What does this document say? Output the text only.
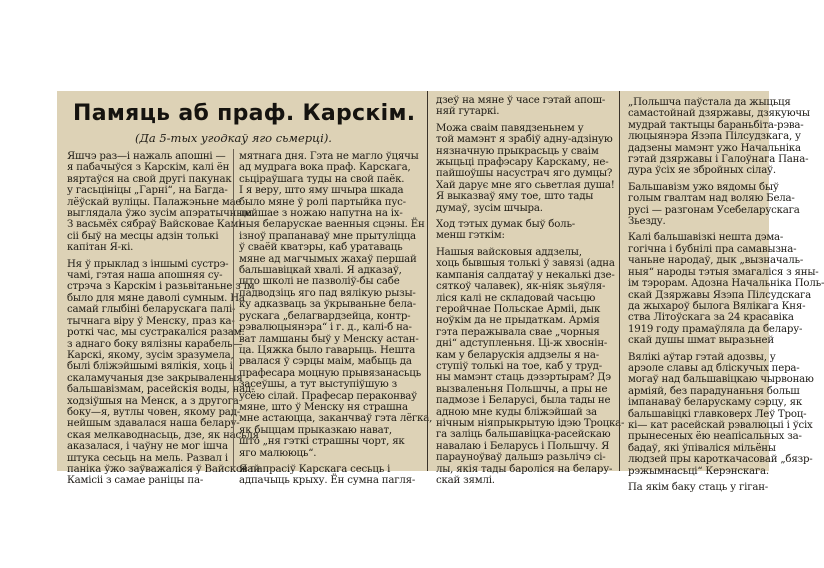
Памяць аб праф. Карскім.
(Да 5-тых угодкаў яго сьмерці).
Яшчэ раз—і нажаль апошні —
я пабачыўся з Карскім, калі ён
вяртаўся на свой другі пакунак
у гасьцініцы „Гарні“, на Багда-
лёўскай вуліцы. Палажэньне мае
выглядала ўжо зусім апэратычным.
З васьмёх сябраў Вайсковае Камі-
сіі быў на месцы адзін толькі
капітан Я-кі.
Ня ў прыклад з іншымі сустрэ-
чамі, гэтая наша апошняя су-
стрэча з Карскім і разьвітаньне з ім
было для мяне даволі сумным. На
самай глыбіні беларускага палі-
тычнага віру ў Менску, праз ка-
роткі час, мы сустракаліся разам:
з аднаго боку вялізны карабель—
Карскі, якому, зусім зразумела,
былі бліжэйшымі вялікія, хоць і
скаламучаныя дзе закрываленыя
бальшавізмам, расейскія воды, над-
ходзіўшыя на Менск, а з другога
боку—я, вутлы човен, якому рад-
нейшым здавалася наша белару-
ская мелкаводнасьць, дзе, як насьля
аказалася, і чаўну не мог ішча
штука сесьць на мель. Развал і
паніка ўжо заўважаліся ў Вайсковай
Камісіі з самае раніцы па-
мятнага дня. Гэта не магло ўцячы
ад мудрага вока праф. Карскага,
сьціраўшага туды на свой паёк.
І я веру, што яму шчыра шкада
было мяне ў ролі партыйка пус-
цейшае з ножаю напутна на іх-
ныя беларускае ваенныя сцэны. Ён
ізноў прапанаваў мне прытуліцца
ў сваёй кватэры, каб уратаваць
мяне ад магчымых жахаў першай
бальшавіцкай хвалі. Я адказаў,
што школі не пазволіў-бы сабе
падводзіць яго пад вялікую рызы-
ку адказваць за ўкрываньне бела-
рускага „белагвардзейца, контр-
рэвалюцыянэра“ і г. д., калі-б на-
ват ламшаны быў у Менску астан-
ца. Цяжка было гаварыць. Нешта
рвалася ў сэрцы маім, мабыць да
прафесара моцную прывязанасьць
засеўшы, а тут выступіўшую з
усёю сілай. Прафесар пераконваў
мяне, што ў Менску ня страшна
мне астаюцца, заканчваў гэта лёгка,
як быццам прыказкаю нават,
што „ня гэткі страшны чорт, як
яго малююць“.
Я папрасіў Карскага сесьць і
адпачыць крыху. Ён сумна пагля-
дзеў на мяне ў часе гэтай апош-
няй гутаркі.
Можа сваім павядзеньнем у
той мамэнт я зрабіў адну-адзіную
нязначную прыкрасьць у сваім
жыцьці прафэсару Карскаму, не-
пайшоўшы насустрач яго думцы?
Хай дарує мне яго сьветлая душа!
Я выказваў яму тое, што тады
думаў, зусім шчыра.
Ход тэтых думак быў боль-
менш гэткім:
Нашыя вайсковыя аддзелы,
хоць бывшыя толькі ў завязі (адна
кампанія салдатаў у некалькі дзе-
сяткоў чалавек), як-ніяк зьяўля-
ліся калі не складовай часьцю
геройчнае Польскае Арміі, дык
ноўкім да не прыдаткам. Армія
гэта перажывала свае „чорныя
дні“ адступленьня. Ці-ж хвоснін-
кам у беларускія аддзелы я на-
ступіў толькі на тое, каб у труд-
ны мамэнт стаць дэзэртырам? Дэ
вызваленьня Польшчы, а пры не
падмозе і Беларусі, была тады не
адною мне куды бліжэйшай за
нічным ніяпрыкрытую ідэю Троцка-
га заліць бальшавіцка-расейскаю
навалаю і Беларусь і Польшчу. Я
парауноўваў дальшэ разьлічэ сі-
лы, якія тады бароліся на белару-
скай зямлі.
„Польшча паўстала да жыцьця
самастойнай дзяржавы, дзякуючы
мудрай тактыцы бараньбіта-рэва-
люцыянэра Язэпа Пілсудзкага, у
дадзены мамэнт ужо Начальніка
гэтай дзяржавы і Галоўнага Пана-
дура ўсіх яе збройных сілаў.
Бальшавізм ужо вядомы быў
голым гвалтам над воляю Бела-
русі — разгонам Усебеларускага
Зьезду.
Калі бальшавізкі нешта дэма-
гогічна і бубнілі пра самавызна-
чаньне народаў, дык „вызначаль-
ныя“ народы тэтыя змагаліся з яны-
ім тэрорам. Адозна Начальніка Поль-
скай Дзяржавы Язэпа Пілсудскага
да жыхароў былога Вялікага Кня-
ства Літоўскага за 24 красавіка
1919 году прамаўляла да белару-
скай душы шмат выразьней
Вялікі аўтар гэтай адозвы, у
арэоле славы ад бліскучых пера-
могаў над бальшавіцкаю чырвонаю
арміяй, без парадунаньня больш
імпанаваў беларускаму сэрцу, як
бальшавіцкі главковерх Леў Троц-
кі— кат расейскай рэвалюцыі і ўсіх
прынесеных ёю неапісальных за-
бадаў, які ўпіваліся мільёны
людзей пры кароткачасовай „бязр-
рэжымнасьці“ Керэнскага.
Па якім баку стаць у гіган-
